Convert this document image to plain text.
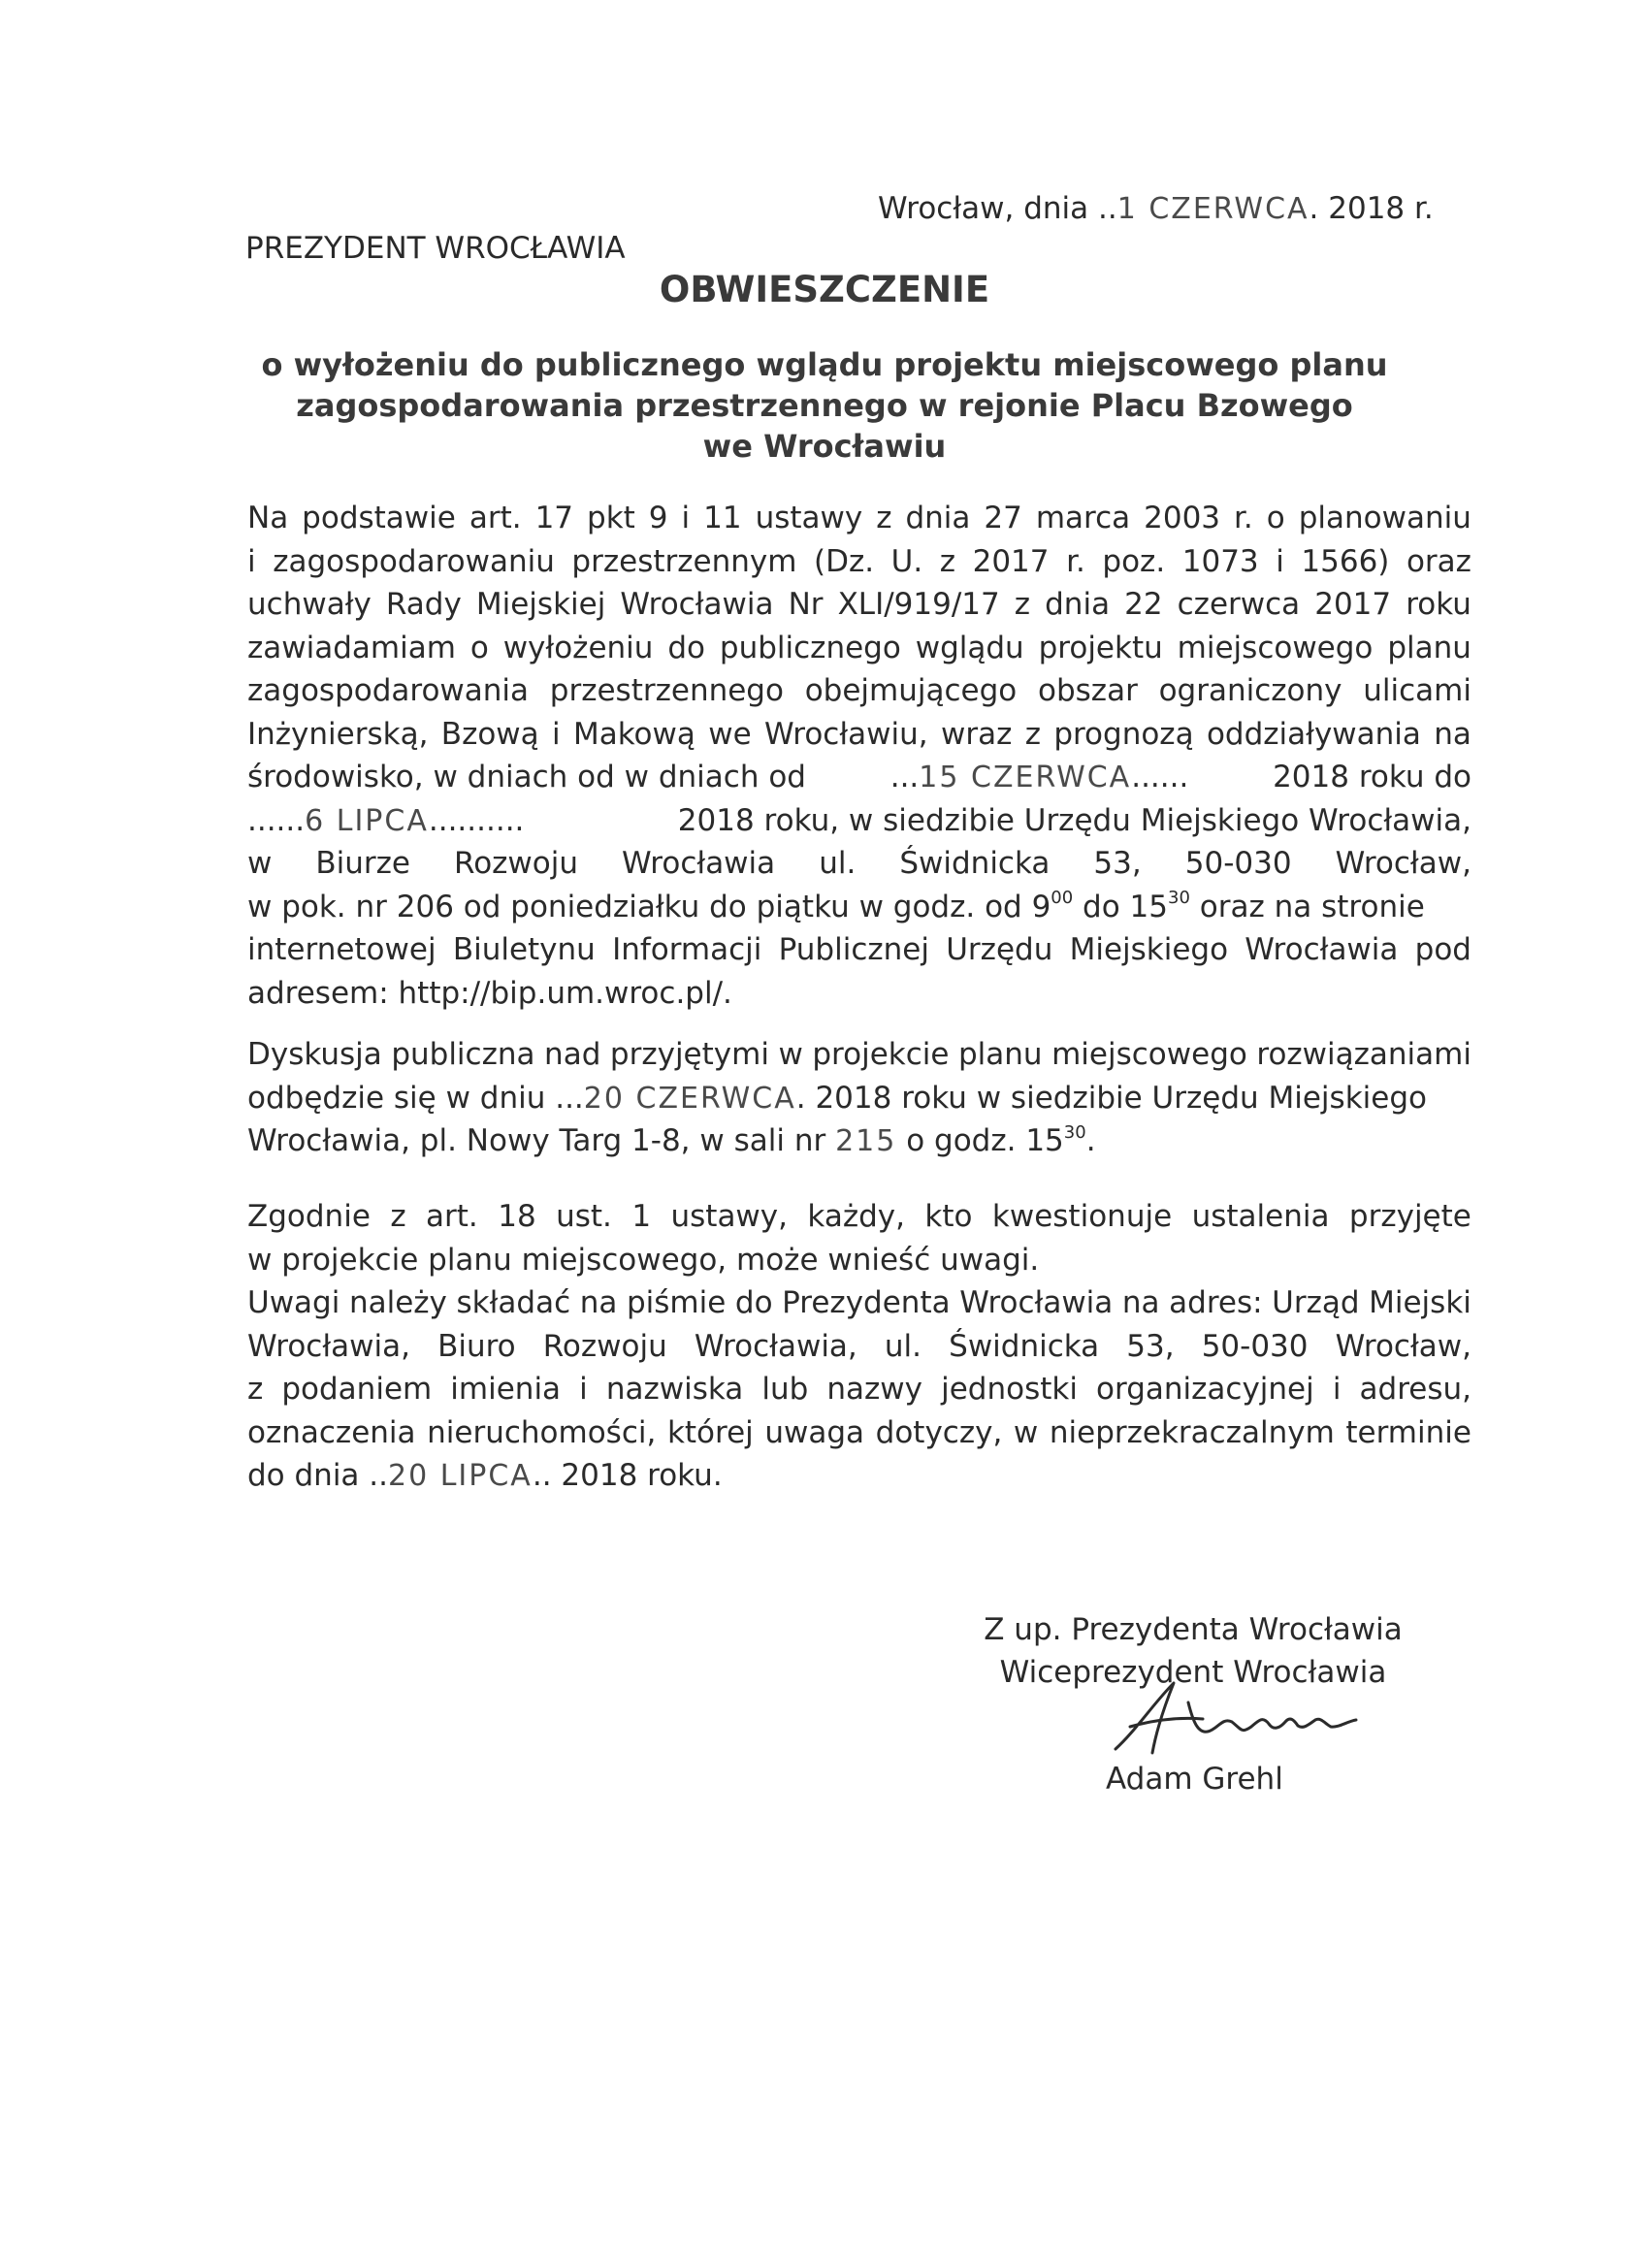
Wrocław, dnia ..1 CZERWCA. 2018 r.
PREZYDENT WROCŁAWIA
OBWIESZCZENIE
o wyłożeniu do publicznego wglądu projektu miejscowego planu
zagospodarowania przestrzennego w rejonie Placu Bzowego
we Wrocławiu
Na podstawie art. 17 pkt 9 i 11 ustawy z dnia 27 marca 2003 r. o planowaniu
i zagospodarowaniu przestrzennym (Dz. U. z 2017 r. poz. 1073 i 1566) oraz
uchwały Rady Miejskiej Wrocławia Nr XLI/919/17 z dnia 22 czerwca 2017 roku
zawiadamiam o wyłożeniu do publicznego wglądu projektu miejscowego planu
zagospodarowania przestrzennego obejmującego obszar ograniczony ulicami
Inżynierską, Bzową i Makową we Wrocławiu, wraz z prognozą oddziaływania na
środowisko, w dniach od w dniach od	...15 CZERWCA......	2018 roku do
......6 LIPCA..........	2018 roku, w siedzibie Urzędu Miejskiego Wrocławia,
w Biurze Rozwoju Wrocławia ul. Świdnicka 53, 50-030 Wrocław,
w pok. nr 206 od poniedziałku do piątku w godz. od $9^{00}$ do $15^{30}$ oraz na stronie
internetowej Biuletynu Informacji Publicznej Urzędu Miejskiego Wrocławia pod
adresem: http://bip.um.wroc.pl/.
Dyskusja publiczna nad przyjętymi w projekcie planu miejscowego rozwiązaniami
odbędzie się w dniu ...20 CZERWCA. 2018 roku w siedzibie Urzędu Miejskiego
Wrocławia, pl. Nowy Targ 1-8, w sali nr 215 o godz. $15^{30}$.
Zgodnie z art. 18 ust. 1 ustawy, każdy, kto kwestionuje ustalenia przyjęte
w projekcie planu miejscowego, może wnieść uwagi.
Uwagi należy składać na piśmie do Prezydenta Wrocławia na adres: Urząd Miejski
Wrocławia, Biuro Rozwoju Wrocławia, ul. Świdnicka 53, 50-030 Wrocław,
z podaniem imienia i nazwiska lub nazwy jednostki organizacyjnej i adresu,
oznaczenia nieruchomości, której uwaga dotyczy, w nieprzekraczalnym terminie
do dnia ..20 LIPCA.. 2018 roku.
Z up. Prezydenta Wrocławia
Wiceprezydent Wrocławia
Adam Grehl
